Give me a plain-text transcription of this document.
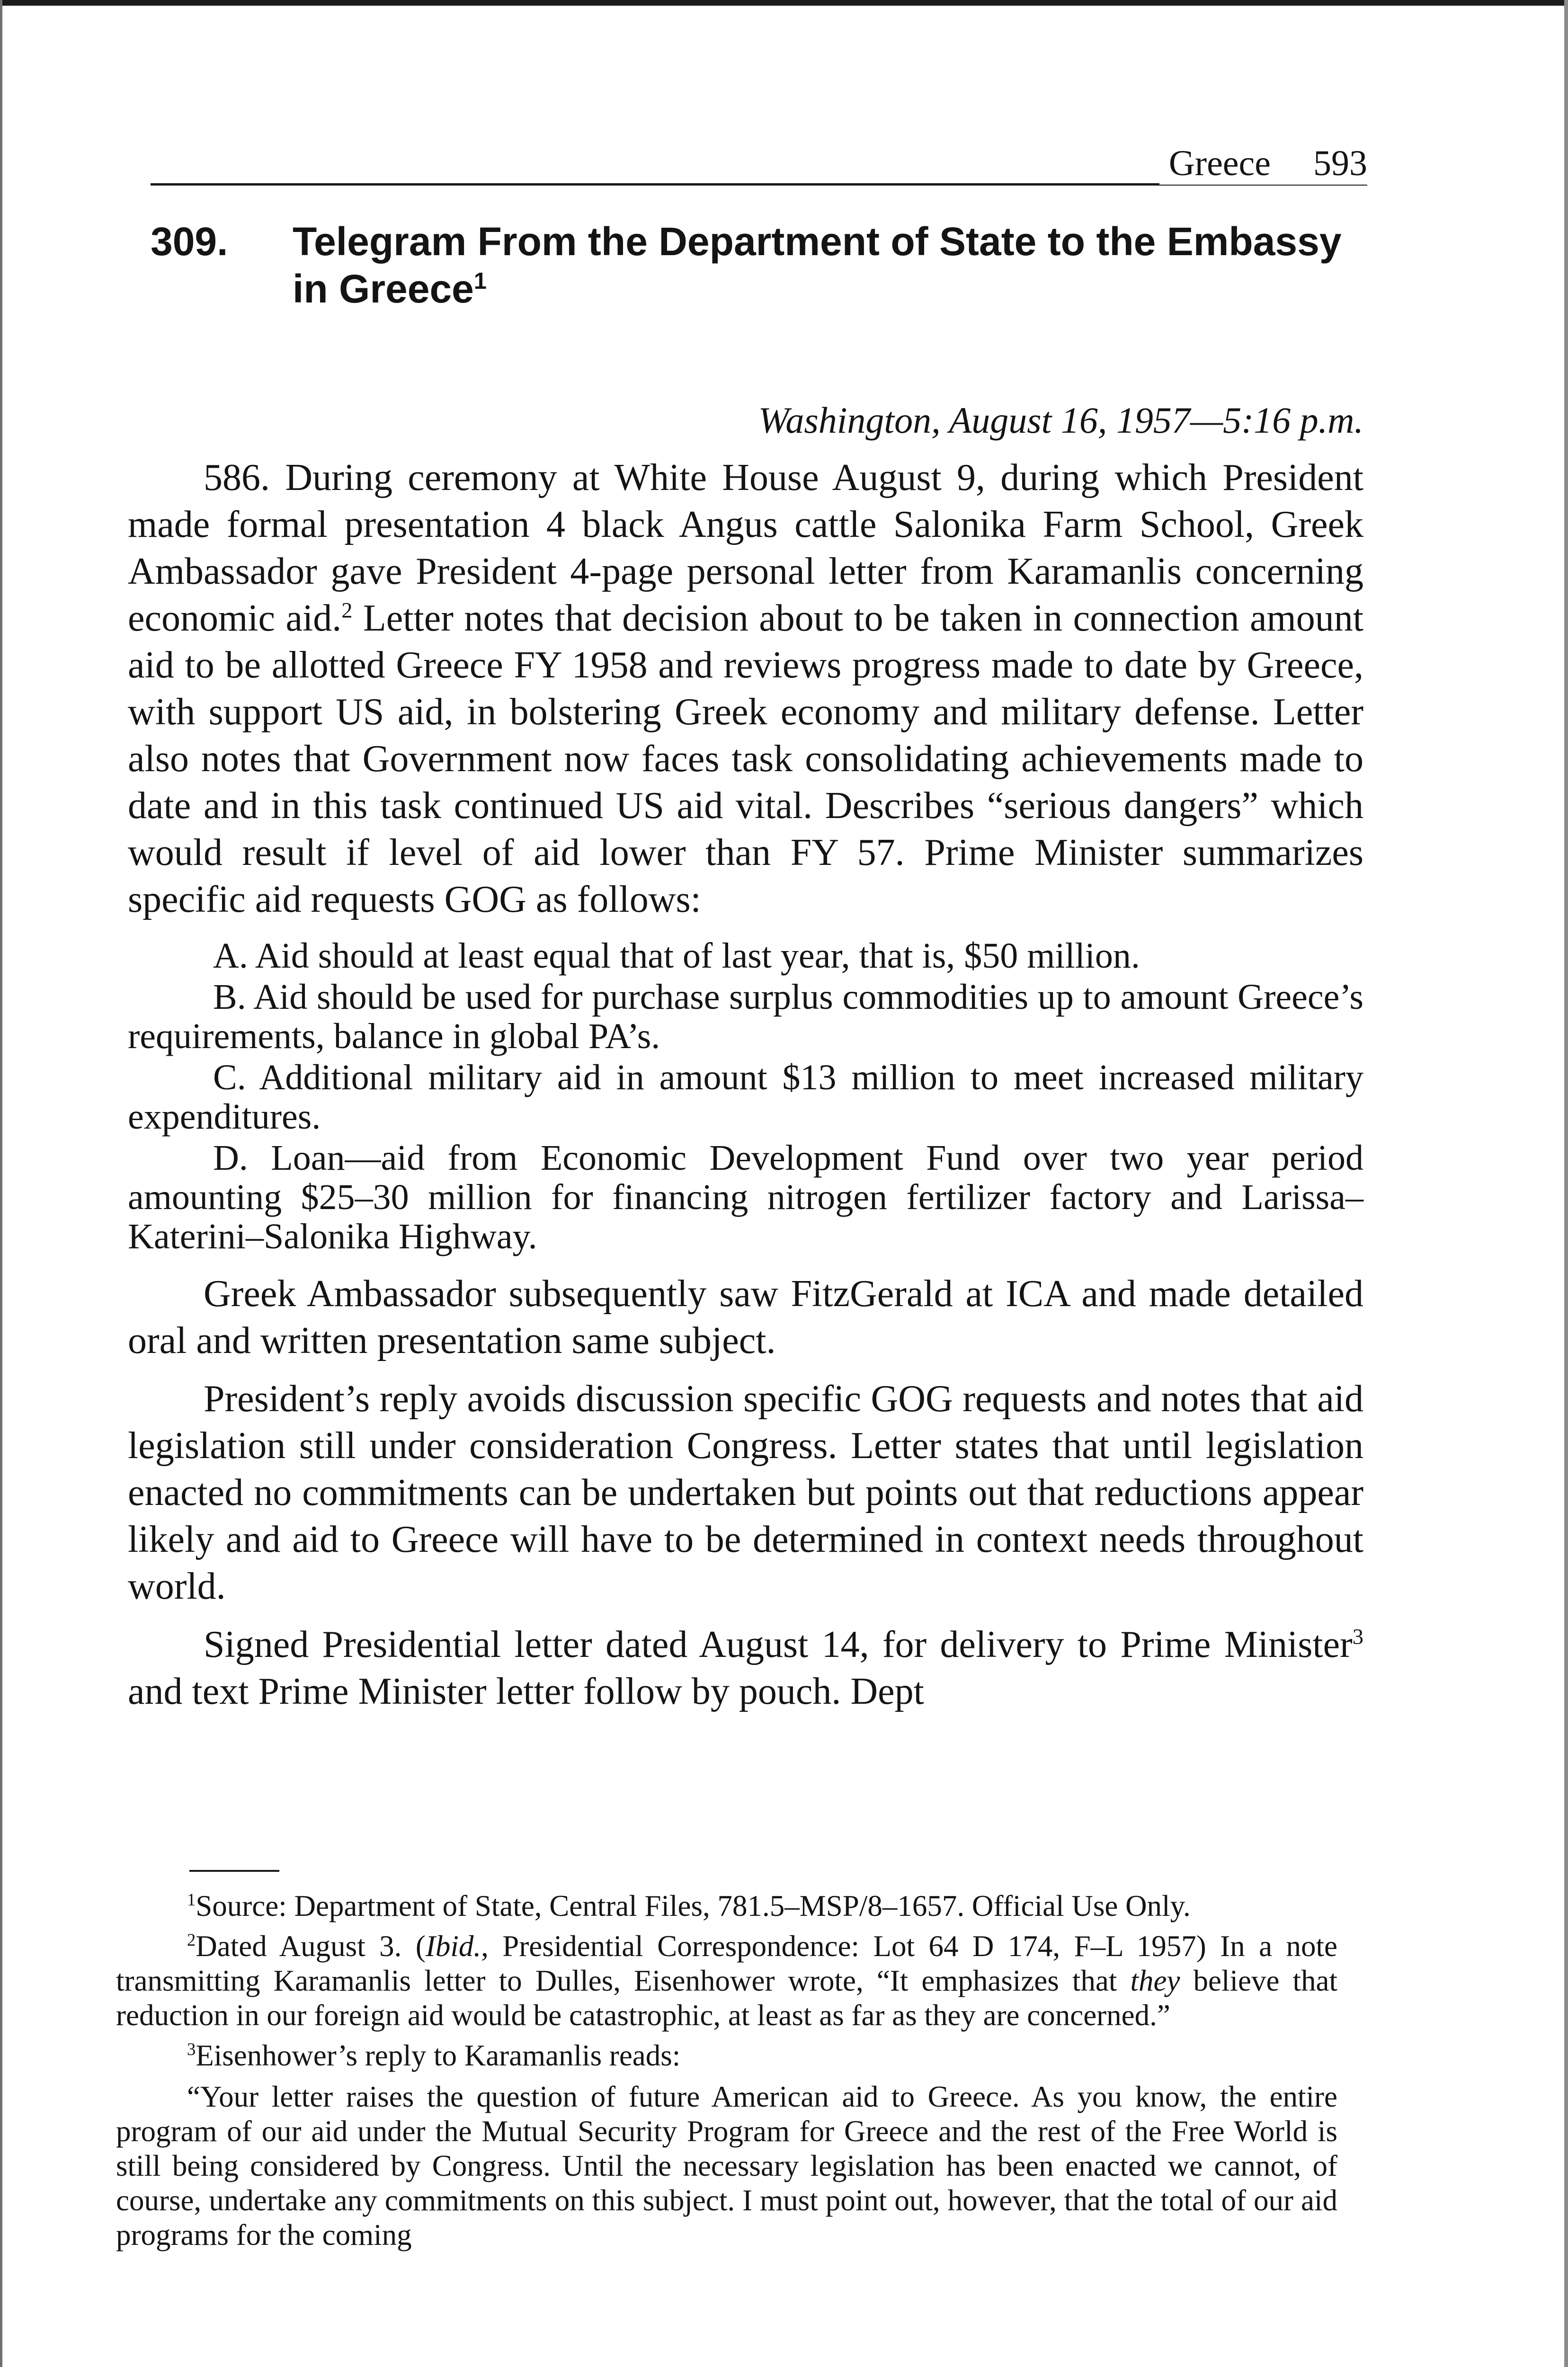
Greece 593
309. Telegram From the Department of State to the Embassy in Greece$^1$
Washington, August 16, 1957—5:16 p.m.

586. During ceremony at White House August 9, during which President made formal presentation 4 black Angus cattle Salonika Farm School, Greek Ambassador gave President 4-page personal letter from Karamanlis concerning economic aid.$^2$ Letter notes that decision about to be taken in connection amount aid to be allotted Greece FY 1958 and reviews progress made to date by Greece, with support US aid, in bolstering Greek economy and military defense. Letter also notes that Government now faces task consolidating achievements made to date and in this task continued US aid vital. Describes “serious dangers” which would result if level of aid lower than FY 57. Prime Minister summarizes specific aid requests GOG as follows:

A. Aid should at least equal that of last year, that is, $50 million.

B. Aid should be used for purchase surplus commodities up to amount Greece’s requirements, balance in global PA’s.

C. Additional military aid in amount $13 million to meet increased military expenditures.

D. Loan—aid from Economic Development Fund over two year period amounting $25–30 million for financing nitrogen fertilizer factory and Larissa–Katerini–Salonika Highway.

Greek Ambassador subsequently saw FitzGerald at ICA and made detailed oral and written presentation same subject.

President’s reply avoids discussion specific GOG requests and notes that aid legislation still under consideration Congress. Letter states that until legislation enacted no commitments can be undertaken but points out that reductions appear likely and aid to Greece will have to be determined in context needs throughout world.

Signed Presidential letter dated August 14, for delivery to Prime Minister$^3$ and text Prime Minister letter follow by pouch. Dept

$^1$Source: Department of State, Central Files, 781.5–MSP/8–1657. Official Use Only.

$^2$Dated August 3. (Ibid., Presidential Correspondence: Lot 64 D 174, F–L 1957) In a note transmitting Karamanlis letter to Dulles, Eisenhower wrote, “It emphasizes that they believe that reduction in our foreign aid would be catastrophic, at least as far as they are concerned.”

$^3$Eisenhower’s reply to Karamanlis reads:

“Your letter raises the question of future American aid to Greece. As you know, the entire program of our aid under the Mutual Security Program for Greece and the rest of the Free World is still being considered by Congress. Until the necessary legislation has been enacted we cannot, of course, undertake any commitments on this subject. I must point out, however, that the total of our aid programs for the coming
